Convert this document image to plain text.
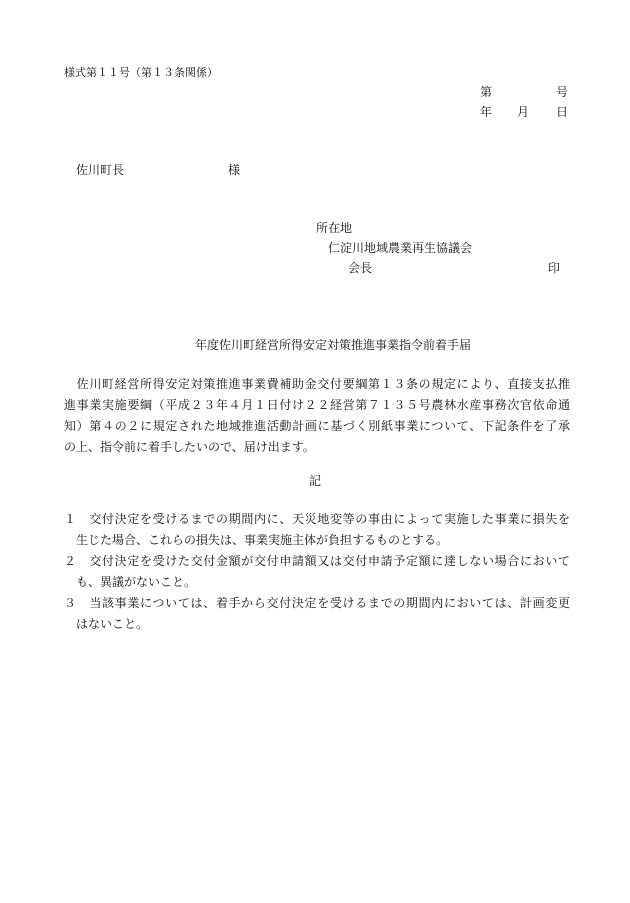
様式第１１号（第１３条関係）
第	号
年 月 日
佐川町長	様
所在地
仁淀川地域農業再生協議会
会長	印
年度佐川町経営所得安定対策推進事業指令前着手届
　佐川町経営所得安定対策推進事業費補助金交付要綱第１３条の規定により、直接支払推
進事業実施要綱（平成２３年４月１日付け２２経営第７１３５号農林水産事務次官依命通
知）第４の２に規定された地域推進活動計画に基づく別紙事業について、下記条件を了承
の上、指令前に着手したいので、届け出ます。
記
１　交付決定を受けるまでの期間内に、天災地変等の事由によって実施した事業に損失を
　生じた場合、これらの損失は、事業実施主体が負担するものとする。
２　交付決定を受けた交付金額が交付申請額又は交付申請予定額に達しない場合において
　も、異議がないこと。
３　当該事業については、着手から交付決定を受けるまでの期間内においては、計画変更
　はないこと。
